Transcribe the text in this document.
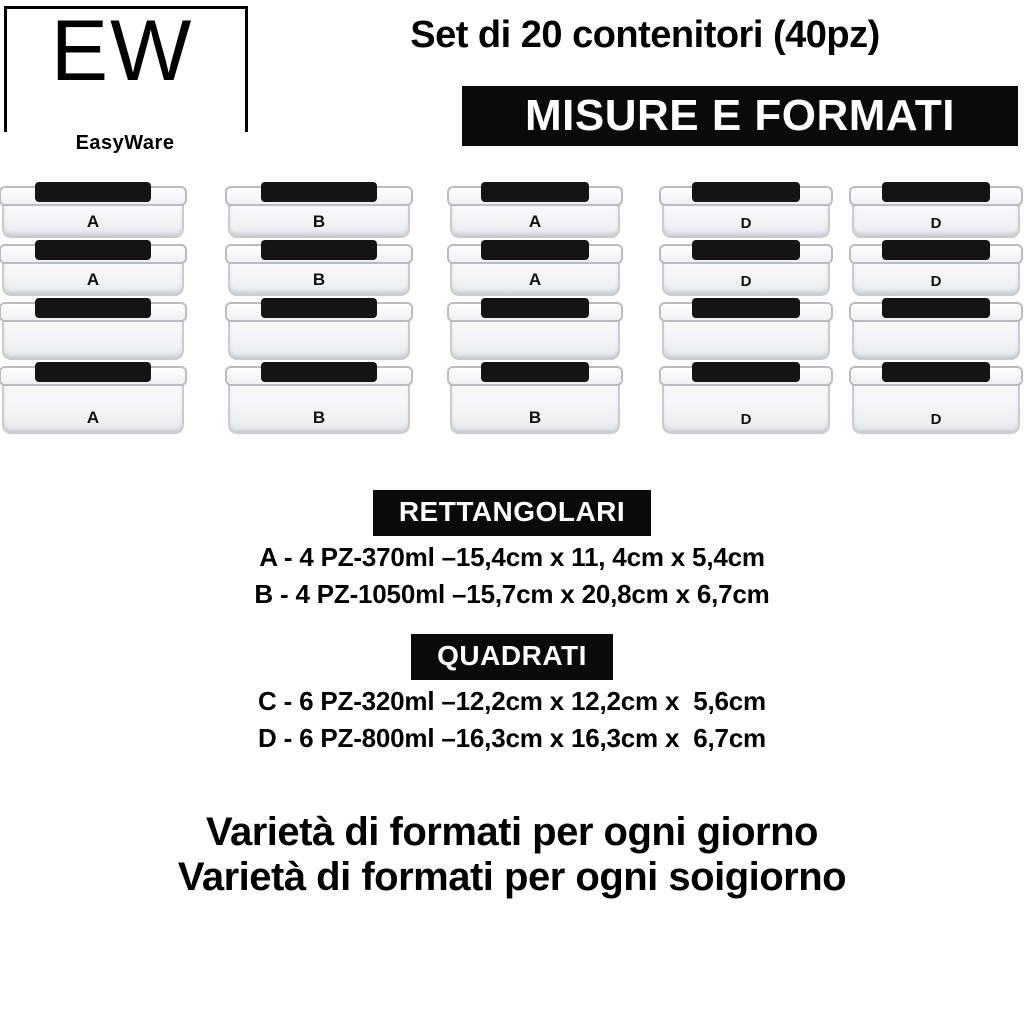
EW
EasyWare
Set di 20 contenitori (40pz)
MISURE E FORMATI
A
A
A
B
B
B
A
A
B
D
D
D
D
D
D
RETTANGOLARI
A - 4 PZ-370ml –15,4cm x 11, 4cm x 5,4cm
B - 4 PZ-1050ml –15,7cm x 20,8cm x 6,7cm
QUADRATI
C - 6 PZ-320ml –12,2cm x 12,2cm x  5,6cm
D - 6 PZ-800ml –16,3cm x 16,3cm x  6,7cm
Varietà di formati per ogni giorno
Varietà di formati per ogni soigiorno
